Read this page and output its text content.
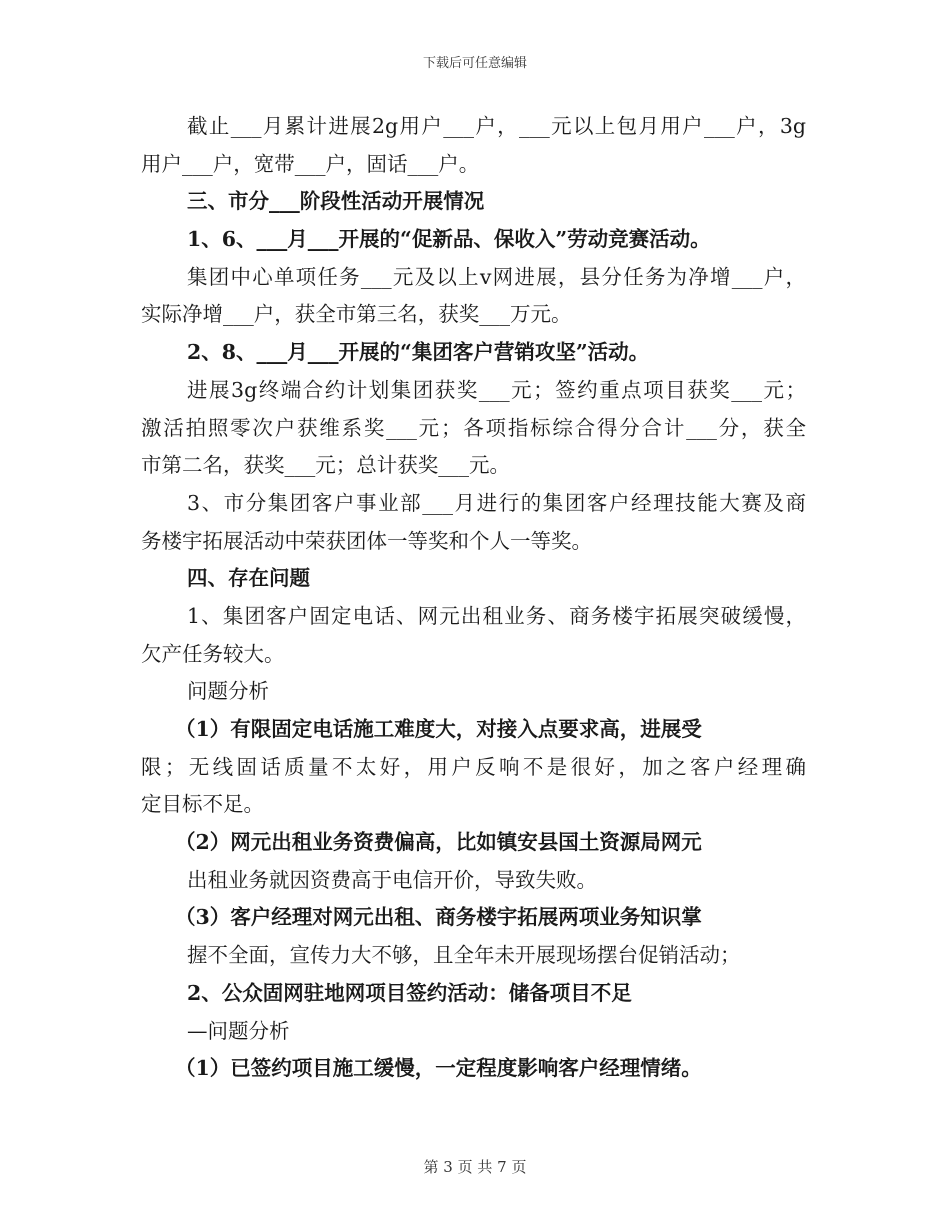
下载后可任意编辑
截止___月累计进展2g用户___户，___元以上包月用户___户，3g
用户___户，宽带___户，固话___户。
三、市分___阶段性活动开展情况
1、6、___月___开展的“促新品、保收入”劳动竞赛活动。
集团中心单项任务___元及以上v网进展，县分任务为净增___户，
实际净增___户，获全市第三名，获奖___万元。
2、8、___月___开展的“集团客户营销攻坚”活动。
进展3g终端合约计划集团获奖___元；签约重点项目获奖___元；
激活拍照零次户获维系奖___元；各项指标综合得分合计___分，获全
市第二名，获奖___元；总计获奖___元。
3、市分集团客户事业部___月进行的集团客户经理技能大赛及商
务楼宇拓展活动中荣获团体一等奖和个人一等奖。
四、存在问题
1、集团客户固定电话、网元出租业务、商务楼宇拓展突破缓慢，
欠产任务较大。
问题分析
（1）有限固定电话施工难度大，对接入点要求高，进展受
限；无线固话质量不太好，用户反响不是很好，加之客户经理确
定目标不足。
（2）网元出租业务资费偏高，比如镇安县国土资源局网元
出租业务就因资费高于电信开价，导致失败。
（3）客户经理对网元出租、商务楼宇拓展两项业务知识掌
握不全面，宣传力大不够，且全年未开展现场摆台促销活动；
2、公众固网驻地网项目签约活动：储备项目不足
—问题分析
（1）已签约项目施工缓慢，一定程度影响客户经理情绪。
第 3 页 共 7 页
